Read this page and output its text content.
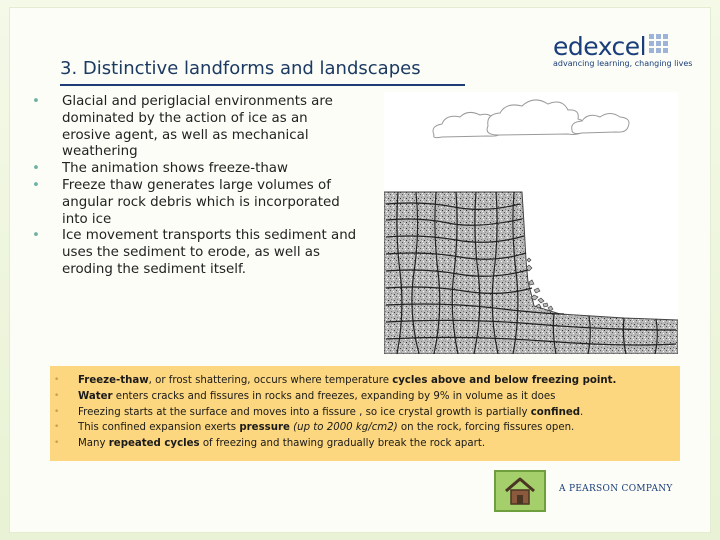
3. Distinctive landforms and landscapes
edexcel
advancing learning, changing lives
• Glacial and periglacial environments are dominated by the action of ice as an erosive agent, as well as mechanical weathering
• The animation shows freeze-thaw
• Freeze thaw generates large volumes of angular rock debris which is incorporated into ice
• Ice movement transports this sediment and uses the sediment to erode, as well as eroding the sediment itself.
• Freeze-thaw, or frost shattering, occurs where temperature cycles above and below freezing point.
• Water enters cracks and fissures in rocks and freezes, expanding by 9% in volume as it does
• Freezing starts at the surface and moves into a fissure , so ice crystal growth is partially confined.
• This confined expansion exerts pressure (up to 2000 kg/cm2) on the rock, forcing fissures open.
• Many repeated cycles of freezing and thawing gradually break the rock apart.
A PEARSON COMPANY
